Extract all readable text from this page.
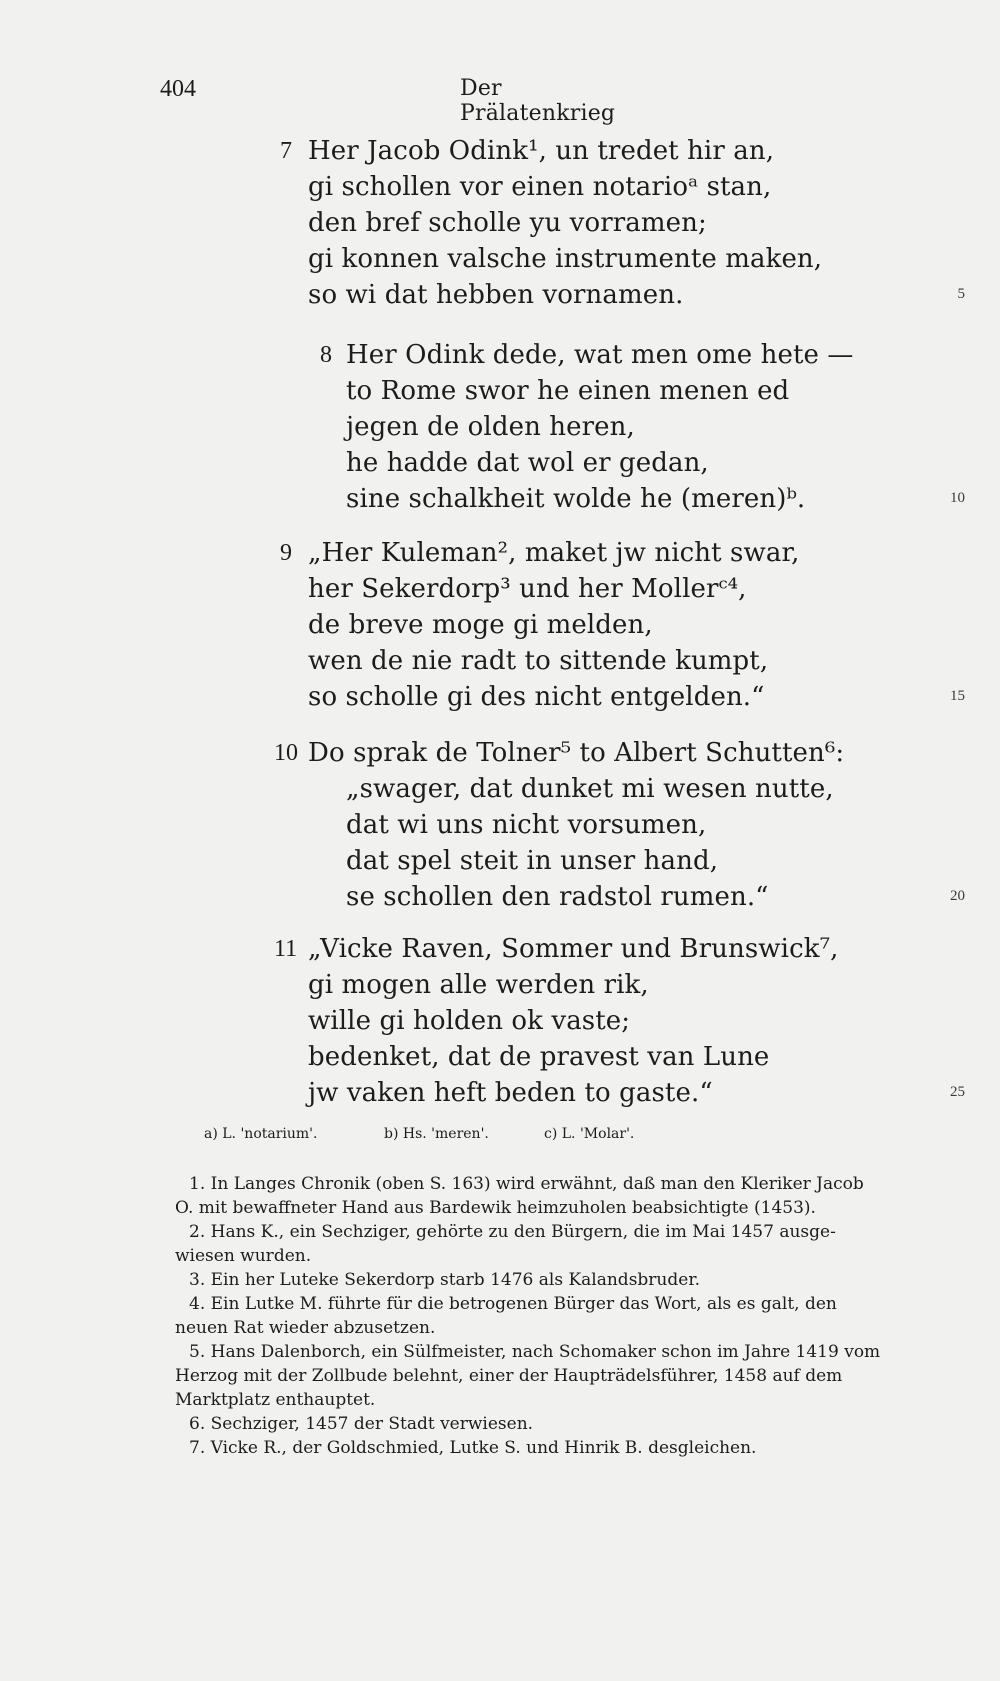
404	Der Prälatenkrieg
7 Her Jacob Odink¹, un tredet hir an,
gi schollen vor einen notarioᵃ stan,
den bref scholle yu vorramen;
gi konnen valsche instrumente maken,
so wi dat hebben vornamen.	5
8 Her Odink dede, wat men ome hete —
to Rome swor he einen menen ed
jegen de olden heren,
he hadde dat wol er gedan,
sine schalkheit wolde he (meren)ᵇ.	10
9 „Her Kuleman², maket jw nicht swar,
her Sekerdorp³ und her Mollerᶜ⁴,
de breve moge gi melden,
wen de nie radt to sittende kumpt,
so scholle gi des nicht entgelden.“	15
10 Do sprak de Tolner⁵ to Albert Schutten⁶:
„swager, dat dunket mi wesen nutte,
dat wi uns nicht vorsumen,
dat spel steit in unser hand,
se schollen den radstol rumen.“	20
11 „Vicke Raven, Sommer und Brunswick⁷,
gi mogen alle werden rik,
wille gi holden ok vaste;
bedenket, dat de pravest van Lune
jw vaken heft beden to gaste.“	25
a) L. 'notarium'.	b) Hs. 'meren'.	c) L. 'Molar'.

1. In Langes Chronik (oben S. 163) wird erwähnt, daß man den Kleriker Jacob

O. mit bewaffneter Hand aus Bardewik heimzuholen beabsichtigte (1453).

2. Hans K., ein Sechziger, gehörte zu den Bürgern, die im Mai 1457 ausge-

wiesen wurden.

3. Ein her Luteke Sekerdorp starb 1476 als Kalandsbruder.

4. Ein Lutke M. führte für die betrogenen Bürger das Wort, als es galt, den

neuen Rat wieder abzusetzen.

5. Hans Dalenborch, ein Sülfmeister, nach Schomaker schon im Jahre 1419 vom

Herzog mit der Zollbude belehnt, einer der Haupträdelsführer, 1458 auf dem

Marktplatz enthauptet.

6. Sechziger, 1457 der Stadt verwiesen.

7. Vicke R., der Goldschmied, Lutke S. und Hinrik B. desgleichen.
